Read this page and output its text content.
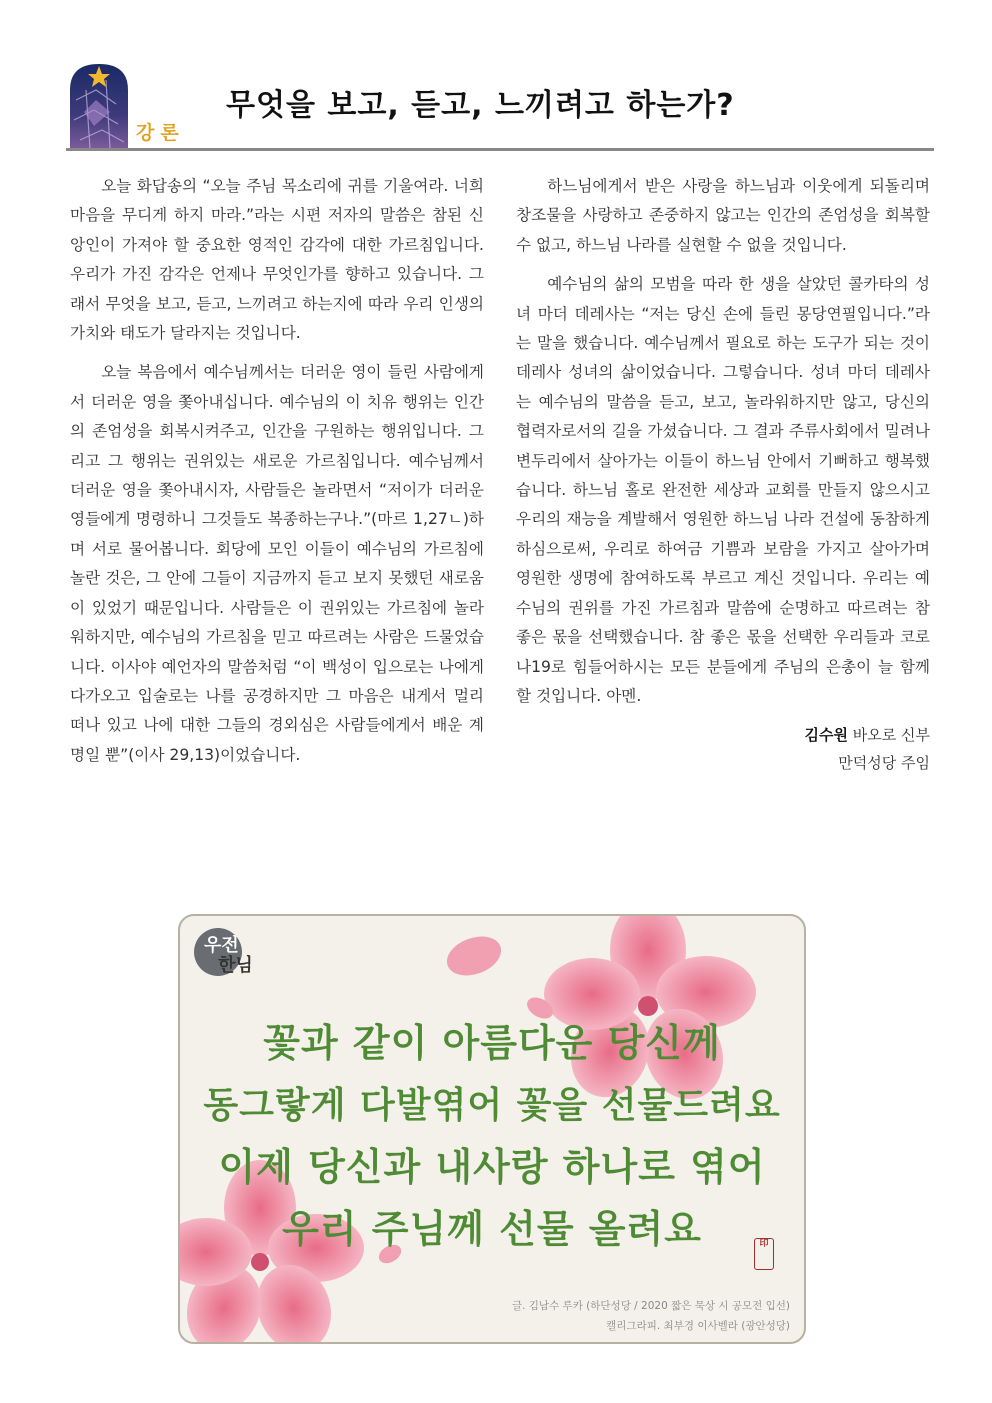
강론
무엇을 보고, 듣고, 느끼려고 하는가?

오늘 화답송의 “오늘 주님 목소리에 귀를 기울여라. 너희 마음을 무디게 하지 마라.”라는 시편 저자의 말씀은 참된 신앙인이 가져야 할 중요한 영적인 감각에 대한 가르침입니다. 우리가 가진 감각은 언제나 무엇인가를 향하고 있습니다. 그래서 무엇을 보고, 듣고, 느끼려고 하는지에 따라 우리 인생의 가치와 태도가 달라지는 것입니다.

오늘 복음에서 예수님께서는 더러운 영이 들린 사람에게서 더러운 영을 쫓아내십니다. 예수님의 이 치유 행위는 인간의 존엄성을 회복시켜주고, 인간을 구원하는 행위입니다. 그리고 그 행위는 권위있는 새로운 가르침입니다. 예수님께서 더러운 영을 쫓아내시자, 사람들은 놀라면서 “저이가 더러운 영들에게 명령하니 그것들도 복종하는구나.”(마르 1,27ㄴ)하며 서로 물어봅니다. 회당에 모인 이들이 예수님의 가르침에 놀란 것은, 그 안에 그들이 지금까지 듣고 보지 못했던 새로움이 있었기 때문입니다. 사람들은 이 권위있는 가르침에 놀라워하지만, 예수님의 가르침을 믿고 따르려는 사람은 드물었습니다. 이사야 예언자의 말씀처럼 “이 백성이 입으로는 나에게 다가오고 입술로는 나를 공경하지만 그 마음은 내게서 멀리 떠나 있고 나에 대한 그들의 경외심은 사람들에게서 배운 계명일 뿐”(이사 29,13)이었습니다.

하느님에게서 받은 사랑을 하느님과 이웃에게 되돌리며 창조물을 사랑하고 존중하지 않고는 인간의 존엄성을 회복할 수 없고, 하느님 나라를 실현할 수 없을 것입니다.

예수님의 삶의 모범을 따라 한 생을 살았던 콜카타의 성녀 마더 데레사는 “저는 당신 손에 들린 몽당연필입니다.”라는 말을 했습니다. 예수님께서 필요로 하는 도구가 되는 것이 데레사 성녀의 삶이었습니다. 그렇습니다. 성녀 마더 데레사는 예수님의 말씀을 듣고, 보고, 놀라워하지만 않고, 당신의 협력자로서의 길을 가셨습니다. 그 결과 주류사회에서 밀려나 변두리에서 살아가는 이들이 하느님 안에서 기뻐하고 행복했습니다. 하느님 홀로 완전한 세상과 교회를 만들지 않으시고 우리의 재능을 계발해서 영원한 하느님 나라 건설에 동참하게 하심으로써, 우리로 하여금 기쁨과 보람을 가지고 살아가며 영원한 생명에 참여하도록 부르고 계신 것입니다. 우리는 예수님의 권위를 가진 가르침과 말씀에 순명하고 따르려는 참 좋은 몫을 선택했습니다. 참 좋은 몫을 선택한 우리들과 코로나19로 힘들어하시는 모든 분들에게 주님의 은총이 늘 함께할 것입니다. 아멘.

김수원 바오로 신부
만덕성당 주임
우전
한님
꽃과 같이 아름다운 당신께
동그랗게 다발엮어 꽃을 선물드려요
이제 당신과 내사랑 하나로 엮어
우리 주님께 선물 올려요	印
글. 김남수 루카 (하단성당 / 2020 짧은 묵상 시 공모전 입선)
캘리그라피. 최부경 이사벨라 (광안성당)
